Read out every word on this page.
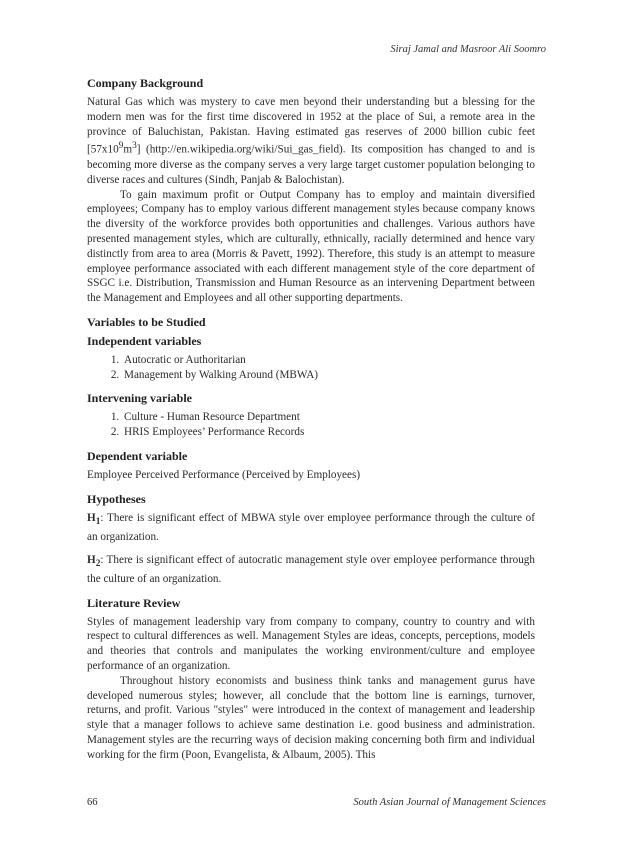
Siraj Jamal and Masroor Ali Soomro
Company Background

Natural Gas which was mystery to cave men beyond their understanding but a blessing for the modern men was for the first time discovered in 1952 at the place of Sui, a remote area in the province of Baluchistan, Pakistan. Having estimated gas reserves of 2000 billion cubic feet $[57x10^9m^3]$ (http://en.wikipedia.org/wiki/Sui_gas_field). Its composition has changed to and is becoming more diverse as the company serves a very large target customer population belonging to diverse races and cultures (Sindh, Panjab & Balochistan).

To gain maximum profit or Output Company has to employ and maintain diversified employees; Company has to employ various different management styles because company knows the diversity of the workforce provides both opportunities and challenges. Various authors have presented management styles, which are culturally, ethnically, racially determined and hence vary distinctly from area to area (Morris & Pavett, 1992). Therefore, this study is an attempt to measure employee performance associated with each different management style of the core department of SSGC i.e. Distribution, Transmission and Human Resource as an intervening Department between the Management and Employees and all other supporting departments.

Variables to be Studied
Independent variables
1. Autocratic or Authoritarian
2. Management by Walking Around (MBWA)
Intervening variable
1. Culture - Human Resource Department
2. HRIS Employees’ Performance Records
Dependent variable

Employee Perceived Performance (Perceived by Employees)

Hypotheses

$H_1$: There is significant effect of MBWA style over employee performance through the culture of an organization.

$H_2$: There is significant effect of autocratic management style over employee performance through the culture of an organization.

Literature Review

Styles of management leadership vary from company to company, country to country and with respect to cultural differences as well. Management Styles are ideas, concepts, perceptions, models and theories that controls and manipulates the working environment/culture and employee performance of an organization.

Throughout history economists and business think tanks and management gurus have developed numerous styles; however, all conclude that the bottom line is earnings, turnover, returns, and profit. Various "styles" were introduced in the context of management and leadership style that a manager follows to achieve same destination i.e. good business and administration. Management styles are the recurring ways of decision making concerning both firm and individual working for the firm (Poon, Evangelista, & Albaum, 2005). This

66	South Asian Journal of Management Sciences
